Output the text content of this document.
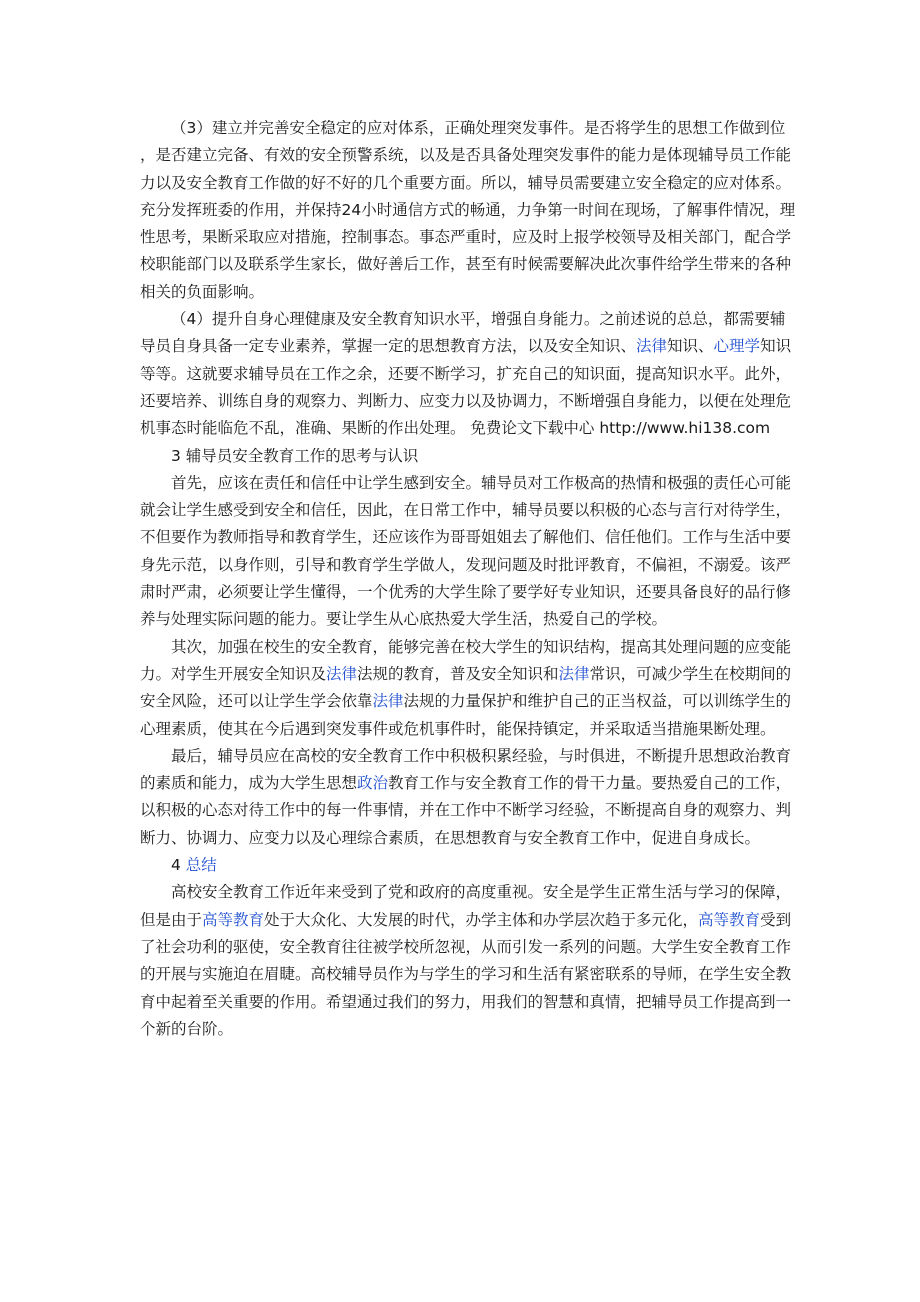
（3）建立并完善安全稳定的应对体系，正确处理突发事件。是否将学生的思想工作做到位，是否建立完备、有效的安全预警系统，以及是否具备处理突发事件的能力是体现辅导员工作能力以及安全教育工作做的好不好的几个重要方面。所以，辅导员需要建立安全稳定的应对体系。充分发挥班委的作用，并保持24小时通信方式的畅通，力争第一时间在现场，了解事件情况，理性思考，果断采取应对措施，控制事态。事态严重时，应及时上报学校领导及相关部门，配合学校职能部门以及联系学生家长，做好善后工作，甚至有时候需要解决此次事件给学生带来的各种相关的负面影响。

（4）提升自身心理健康及安全教育知识水平，增强自身能力。之前述说的总总，都需要辅导员自身具备一定专业素养，掌握一定的思想教育方法，以及安全知识、法律知识、心理学知识等等。这就要求辅导员在工作之余，还要不断学习，扩充自己的知识面，提高知识水平。此外，还要培养、训练自身的观察力、判断力、应变力以及协调力，不断增强自身能力，以便在处理危机事态时能临危不乱，准确、果断的作出处理。 免费论文下载中心 http://www.hi138.com

3 辅导员安全教育工作的思考与认识

首先，应该在责任和信任中让学生感到安全。辅导员对工作极高的热情和极强的责任心可能就会让学生感受到安全和信任，因此，在日常工作中，辅导员要以积极的心态与言行对待学生，不但要作为教师指导和教育学生，还应该作为哥哥姐姐去了解他们、信任他们。工作与生活中要身先示范，以身作则，引导和教育学生学做人，发现问题及时批评教育，不偏袒，不溺爱。该严肃时严肃，必须要让学生懂得，一个优秀的大学生除了要学好专业知识，还要具备良好的品行修养与处理实际问题的能力。要让学生从心底热爱大学生活，热爱自己的学校。

其次，加强在校生的安全教育，能够完善在校大学生的知识结构，提高其处理问题的应变能力。对学生开展安全知识及法律法规的教育，普及安全知识和法律常识，可减少学生在校期间的安全风险，还可以让学生学会依靠法律法规的力量保护和维护自己的正当权益，可以训练学生的心理素质，使其在今后遇到突发事件或危机事件时，能保持镇定，并采取适当措施果断处理。

最后，辅导员应在高校的安全教育工作中积极积累经验，与时俱进，不断提升思想政治教育的素质和能力，成为大学生思想政治教育工作与安全教育工作的骨干力量。要热爱自己的工作，以积极的心态对待工作中的每一件事情，并在工作中不断学习经验，不断提高自身的观察力、判断力、协调力、应变力以及心理综合素质，在思想教育与安全教育工作中，促进自身成长。

4 总结

高校安全教育工作近年来受到了党和政府的高度重视。安全是学生正常生活与学习的保障，但是由于高等教育处于大众化、大发展的时代，办学主体和办学层次趋于多元化，高等教育受到了社会功利的驱使，安全教育往往被学校所忽视，从而引发一系列的问题。大学生安全教育工作的开展与实施迫在眉睫。高校辅导员作为与学生的学习和生活有紧密联系的导师，在学生安全教育中起着至关重要的作用。希望通过我们的努力，用我们的智慧和真情，把辅导员工作提高到一个新的台阶。
